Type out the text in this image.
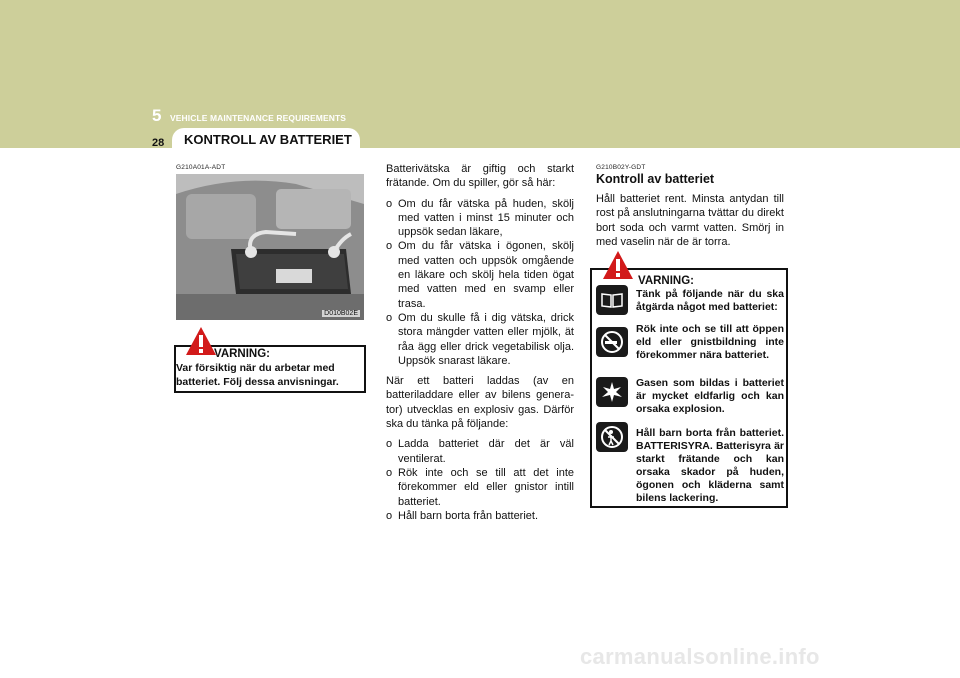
5 VEHICLE MAINTENANCE REQUIREMENTS
28 KONTROLL AV BATTERIET
G210A01A-ADT
D010B02E
VARNING:
Var försiktig när du arbetar med batteriet. Följ dessa anvisningar.

Batterivätska är giftig och starkt frätande. Om du spiller, gör så här:

o Om du får vätska på huden, skölj med vatten i minst 15 minuter och uppsök sedan läkare,
o Om du får vätska i ögonen, skölj med vatten och uppsök omgående en läkare och skölj hela tiden ögat med vatten med en svamp eller trasa.
o Om du skulle få i dig vätska, drick stora mängder vatten eller mjölk, ät råa ägg eller drick vegetabilisk olja. Uppsök snarast läkare.

När ett batteri laddas (av en batteriladdare eller av bilens genera-tor) utvecklas en explosiv gas. Därför ska du tänka på följande:

o Ladda batteriet där det är väl ventilerat.
o Rök inte och se till att det inte förekommer eld eller gnistor intill batteriet.
o Håll barn borta från batteriet.
G210B02Y-GDT
Kontroll av batteriet
Håll batteriet rent. Minsta antydan till rost på anslutningarna tvättar du direkt bort soda och varmt vatten. Smörj in med vaselin när de är torra.
VARNING:
Tänk på följande när du ska åtgärda något med batteriet:
Rök inte och se till att öppen eld eller gnistbildning inte förekommer nära batteriet.
Gasen som bildas i batteriet är mycket eldfarlig och kan orsaka explosion.
Håll barn borta från batteriet. BATTERISYRA. Batterisyra är starkt frätande och kan orsaka skador på huden, ögonen och kläderna samt bilens lackering.
carmanualsonline.info
